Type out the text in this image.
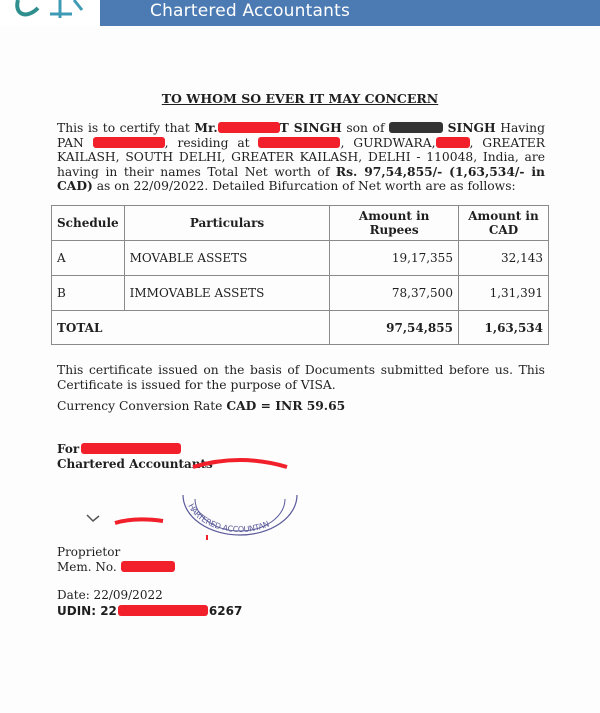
Chartered Accountants
TO WHOM SO EVER IT MAY CONCERN

This is to certify that Mr.	T SINGH son of	SINGH Having PAN	, residing at	, GURDWARA,	, GREATER KAILASH, SOUTH DELHI, GREATER KAILASH, DELHI - 110048, India, are having in their names Total Net worth of Rs. 97,54,855/- (1,63,534/- in CAD) as on 22/09/2022. Detailed Bifurcation of Net worth are as follows:

Schedule	Particulars	Amount in Rupees	Amount in CAD
A	MOVABLE ASSETS	19,17,355	32,143
B	IMMOVABLE ASSETS	78,37,500	1,31,391
TOTAL		97,54,855	1,63,534

This certificate issued on the basis of Documents submitted before us. This Certificate is issued for the purpose of VISA.

Currency Conversion Rate CAD = INR 59.65

For
Chartered Accountants
HARTERED ACCOUNTAN
Proprietor
Mem. No.
Date: 22/09/2022
UDIN: 22	6267
